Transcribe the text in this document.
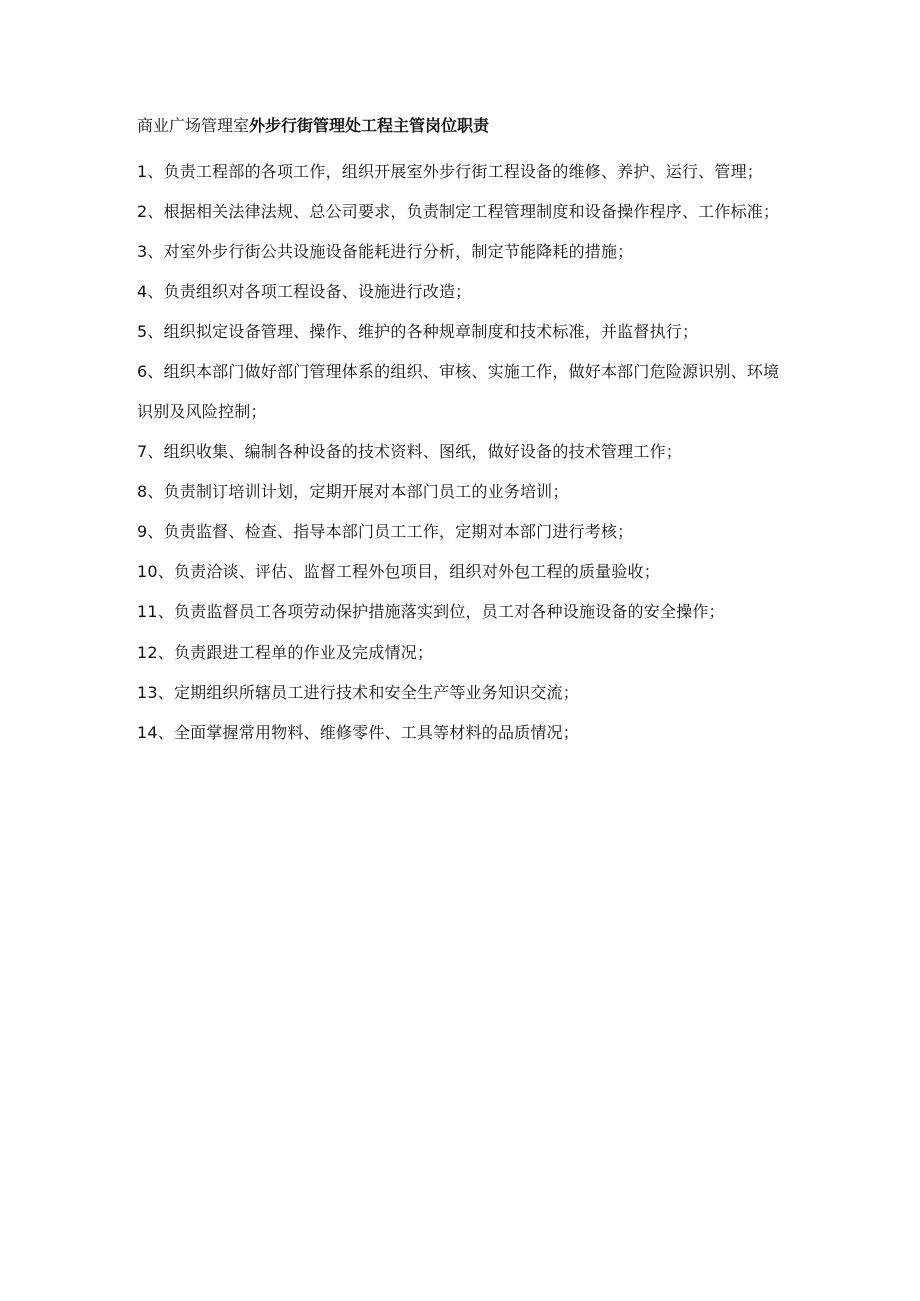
商业广场管理室外步行街管理处工程主管岗位职责
1、负责工程部的各项工作，组织开展室外步行街工程设备的维修、养护、运行、管理；
2、根据相关法律法规、总公司要求，负责制定工程管理制度和设备操作程序、工作标准；
3、对室外步行街公共设施设备能耗进行分析，制定节能降耗的措施；
4、负责组织对各项工程设备、设施进行改造；
5、组织拟定设备管理、操作、维护的各种规章制度和技术标准，并监督执行；
6、组织本部门做好部门管理体系的组织、审核、实施工作，做好本部门危险源识别、环境识别及风险控制；
7、组织收集、编制各种设备的技术资料、图纸，做好设备的技术管理工作；
8、负责制订培训计划，定期开展对本部门员工的业务培训；
9、负责监督、检查、指导本部门员工工作，定期对本部门进行考核；
10、负责洽谈、评估、监督工程外包项目，组织对外包工程的质量验收；
11、负责监督员工各项劳动保护措施落实到位，员工对各种设施设备的安全操作；
12、负责跟进工程单的作业及完成情况；
13、定期组织所辖员工进行技术和安全生产等业务知识交流；
14、全面掌握常用物料、维修零件、工具等材料的品质情况；
